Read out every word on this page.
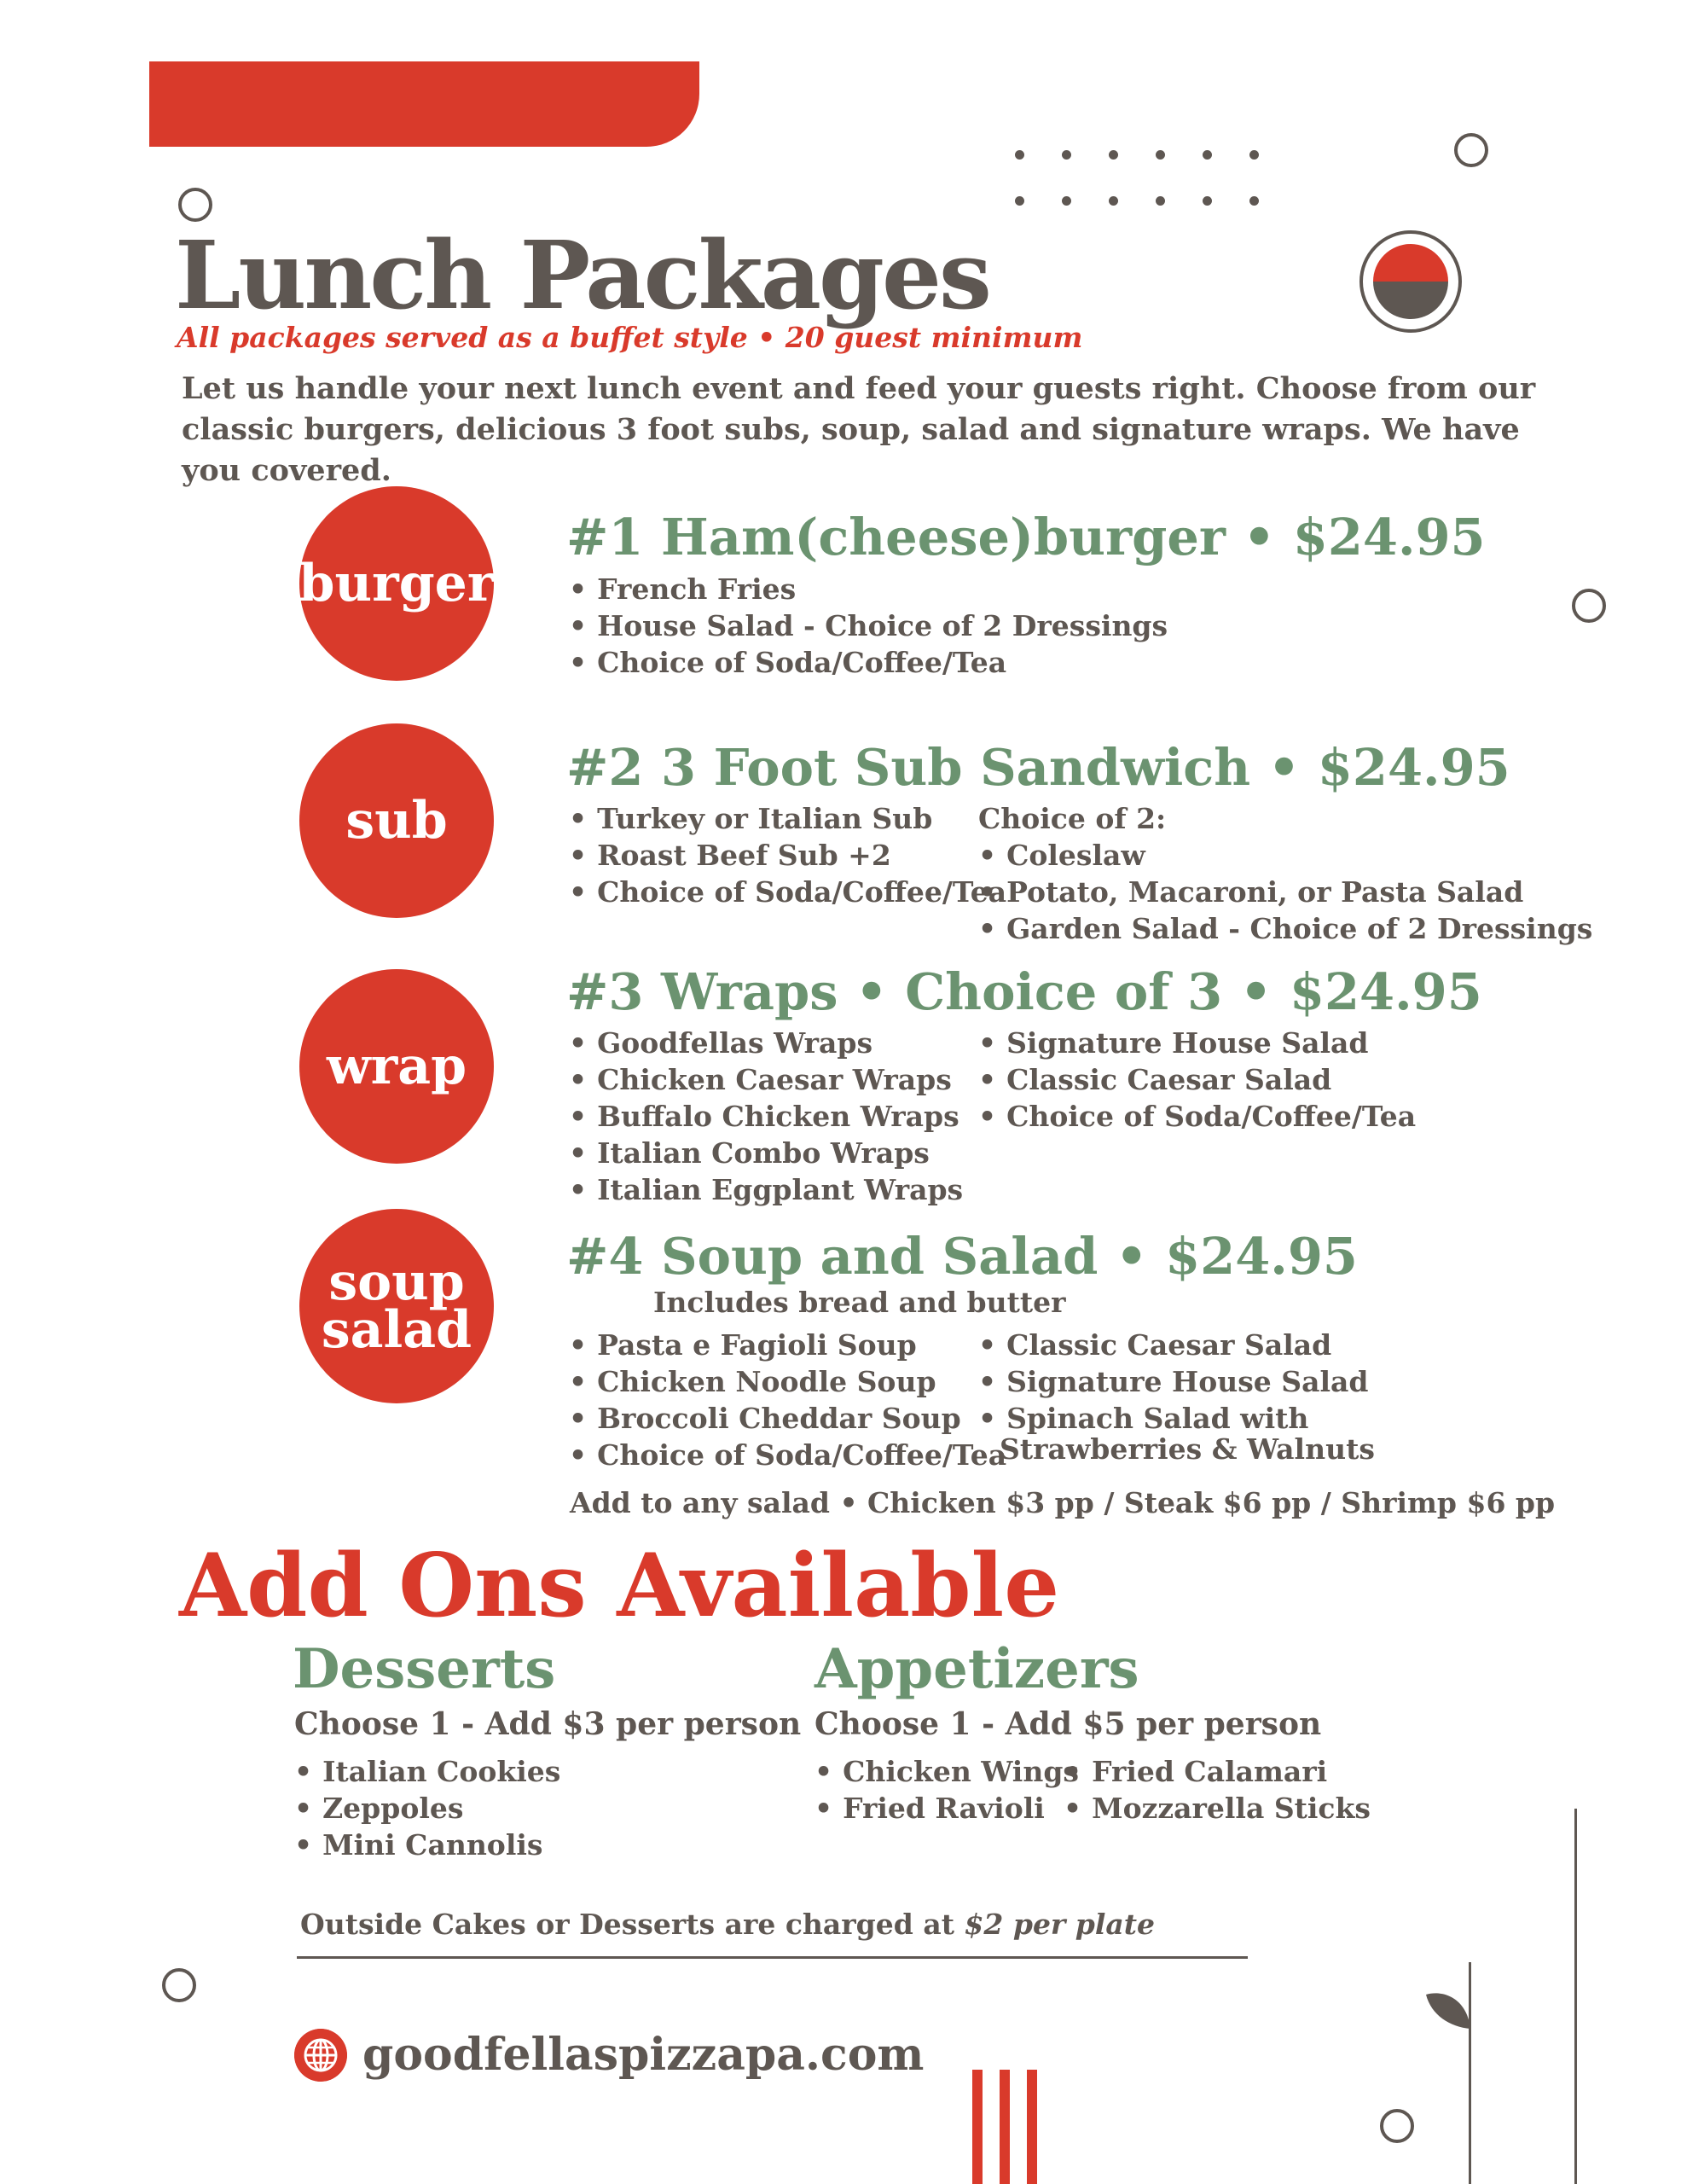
Lunch Packages
All packages served as a buffet style • 20 guest minimum
Let us handle your next lunch event and feed your guests right. Choose from our
classic burgers, delicious 3 foot subs, soup, salad and signature wraps. We have you covered.
burger
#1 Ham(cheese)burger • $24.95
• French Fries
• House Salad - Choice of 2 Dressings
• Choice of Soda/Coffee/Tea
sub
#2 3 Foot Sub Sandwich • $24.95
• Turkey or Italian Sub
• Roast Beef Sub +2
• Choice of Soda/Coffee/Tea
Choice of 2:
• Coleslaw
• Potato, Macaroni, or Pasta Salad
• Garden Salad - Choice of 2 Dressings
wrap
#3 Wraps • Choice of 3 • $24.95
• Goodfellas Wraps
• Chicken Caesar Wraps
• Buffalo Chicken Wraps
• Italian Combo Wraps
• Italian Eggplant Wraps
• Signature House Salad
• Classic Caesar Salad
• Choice of Soda/Coffee/Tea
soup
salad
#4 Soup and Salad • $24.95
Includes bread and butter
• Pasta e Fagioli Soup
• Chicken Noodle Soup
• Broccoli Cheddar Soup
• Choice of Soda/Coffee/Tea
• Classic Caesar Salad
• Signature House Salad
• Spinach Salad with
Strawberries & Walnuts
Add to any salad • Chicken $3 pp / Steak $6 pp / Shrimp $6 pp
Add Ons Available
Desserts
Choose 1 - Add $3 per person
• Italian Cookies
• Zeppoles
• Mini Cannolis
Appetizers
Choose 1 - Add $5 per person
• Chicken Wings
• Fried Ravioli
• Fried Calamari
• Mozzarella Sticks
Outside Cakes or Desserts are charged at $2 per plate
goodfellaspizzapa.com
